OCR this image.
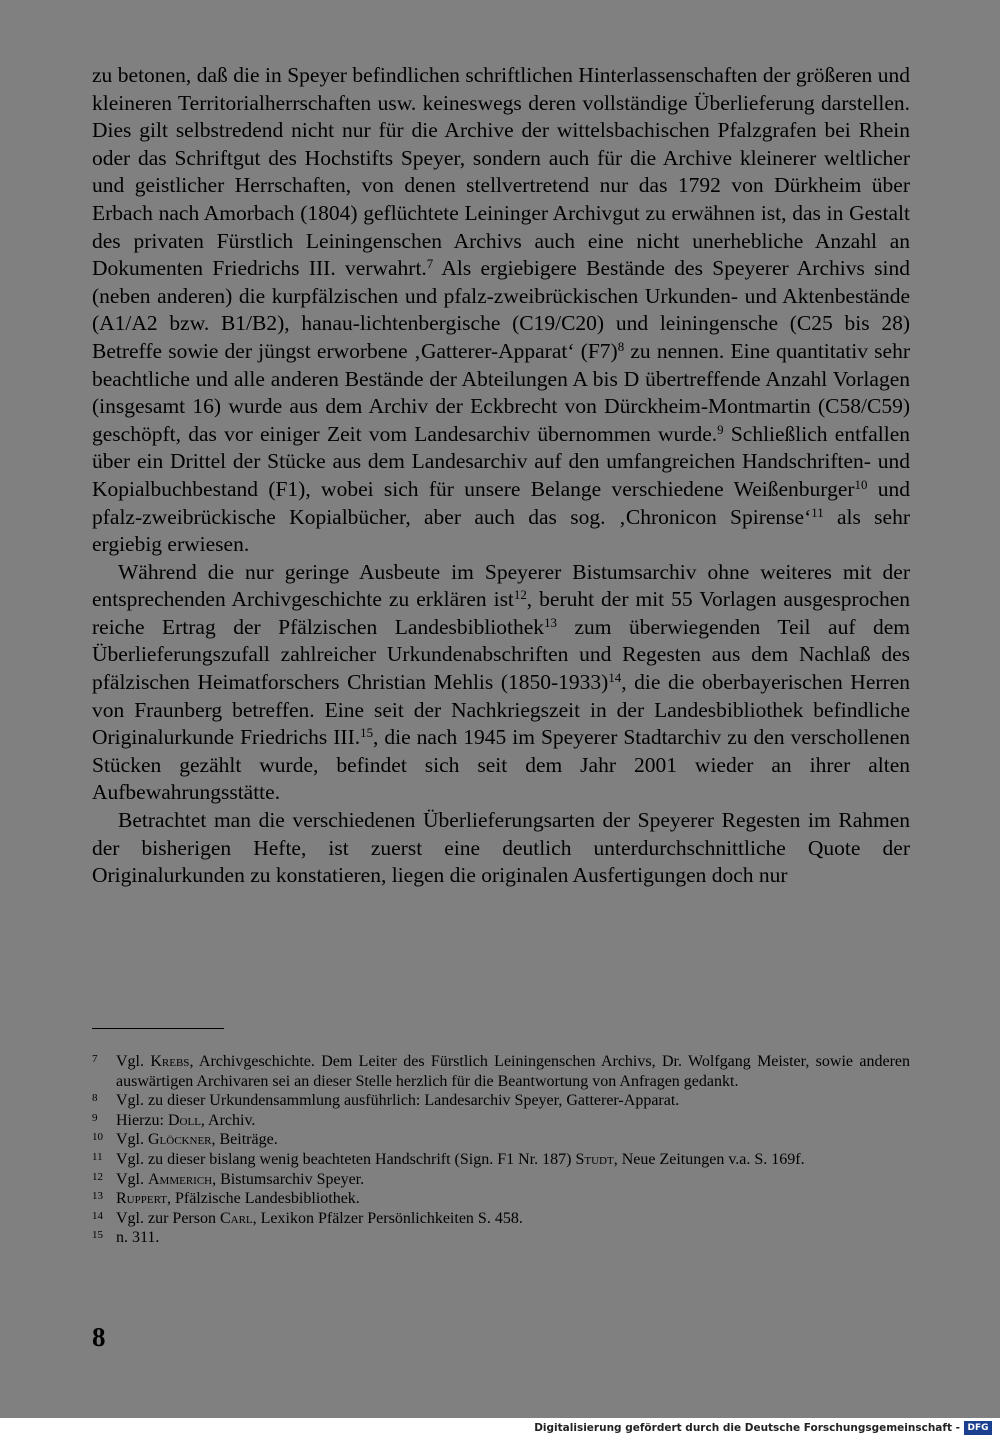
zu betonen, daß die in Speyer befindlichen schriftlichen Hinterlassenschaften der größeren und kleineren Territorialherrschaften usw. keineswegs deren vollständige Überlieferung darstellen. Dies gilt selbstredend nicht nur für die Archive der wittelsbachischen Pfalzgrafen bei Rhein oder das Schriftgut des Hochstifts Speyer, sondern auch für die Archive kleinerer weltlicher und geistlicher Herrschaften, von denen stellvertretend nur das 1792 von Dürkheim über Erbach nach Amorbach (1804) geflüchtete Leininger Archivgut zu erwähnen ist, das in Gestalt des privaten Fürstlich Leiningenschen Archivs auch eine nicht unerhebliche Anzahl an Dokumenten Friedrichs III. verwahrt.$^7$ Als ergiebigere Bestände des Speyerer Archivs sind (neben anderen) die kurpfälzischen und pfalz-zweibrückischen Urkunden- und Aktenbestände (A1/A2 bzw. B1/B2), hanau-lichtenbergische (C19/C20) und leiningensche (C25 bis 28) Betreffe sowie der jüngst erworbene ‚Gatterer-Apparat‘ $(F7)^8$ zu nennen. Eine quantitativ sehr beachtliche und alle anderen Bestände der Abteilungen A bis D übertreffende Anzahl Vorlagen (insgesamt 16) wurde aus dem Archiv der Eckbrecht von Dürckheim-Montmartin (C58/C59) geschöpft, das vor einiger Zeit vom Landesarchiv übernommen wurde.$^9$ Schließlich entfallen über ein Drittel der Stücke aus dem Landesarchiv auf den umfangreichen Handschriften- und Kopialbuchbestand (F1), wobei sich für unsere Belange verschiedene Weißenburger$^{10}$ und pfalz-zweibrückische Kopialbücher, aber auch das sog. ‚Chronicon Spirense‘$^{11}$ als sehr ergiebig erwiesen.

Während die nur geringe Ausbeute im Speyerer Bistumsarchiv ohne weiteres mit der entsprechenden Archivgeschichte zu erklären ist$^{12}$, beruht der mit 55 Vorlagen ausgesprochen reiche Ertrag der Pfälzischen Landesbibliothek$^{13}$ zum überwiegenden Teil auf dem Überlieferungszufall zahlreicher Urkundenabschriften und Regesten aus dem Nachlaß des pfälzischen Heimatforschers Christian Mehlis (1850-1933)$^{14}$, die die oberbayerischen Herren von Fraunberg betreffen. Eine seit der Nachkriegszeit in der Landesbibliothek befindliche Originalurkunde Friedrichs III.$^{15}$, die nach 1945 im Speyerer Stadtarchiv zu den verschollenen Stücken gezählt wurde, befindet sich seit dem Jahr 2001 wieder an ihrer alten Aufbewahrungsstätte.

Betrachtet man die verschiedenen Überlieferungsarten der Speyerer Regesten im Rahmen der bisherigen Hefte, ist zuerst eine deutlich unterdurchschnittliche Quote der Originalurkunden zu konstatieren, liegen die originalen Ausfertigungen doch nur

7 Vgl. Krebs, Archivgeschichte. Dem Leiter des Fürstlich Leiningenschen Archivs, Dr. Wolfgang Meister, sowie anderen auswärtigen Archivaren sei an dieser Stelle herzlich für die Beantwortung von Anfragen gedankt.
8 Vgl. zu dieser Urkundensammlung ausführlich: Landesarchiv Speyer, Gatterer-Apparat.
9 Hierzu: Doll, Archiv.
10 Vgl. Glöckner, Beiträge.
11 Vgl. zu dieser bislang wenig beachteten Handschrift (Sign. F1 Nr. 187) Studt, Neue Zeitungen v.a. S. 169f.
12 Vgl. Ammerich, Bistumsarchiv Speyer.
13 Ruppert, Pfälzische Landesbibliothek.
14 Vgl. zur Person Carl, Lexikon Pfälzer Persönlichkeiten S. 458.
15 n. 311.
8
Digitalisierung gefördert durch die Deutsche Forschungsgemeinschaft - DFG
